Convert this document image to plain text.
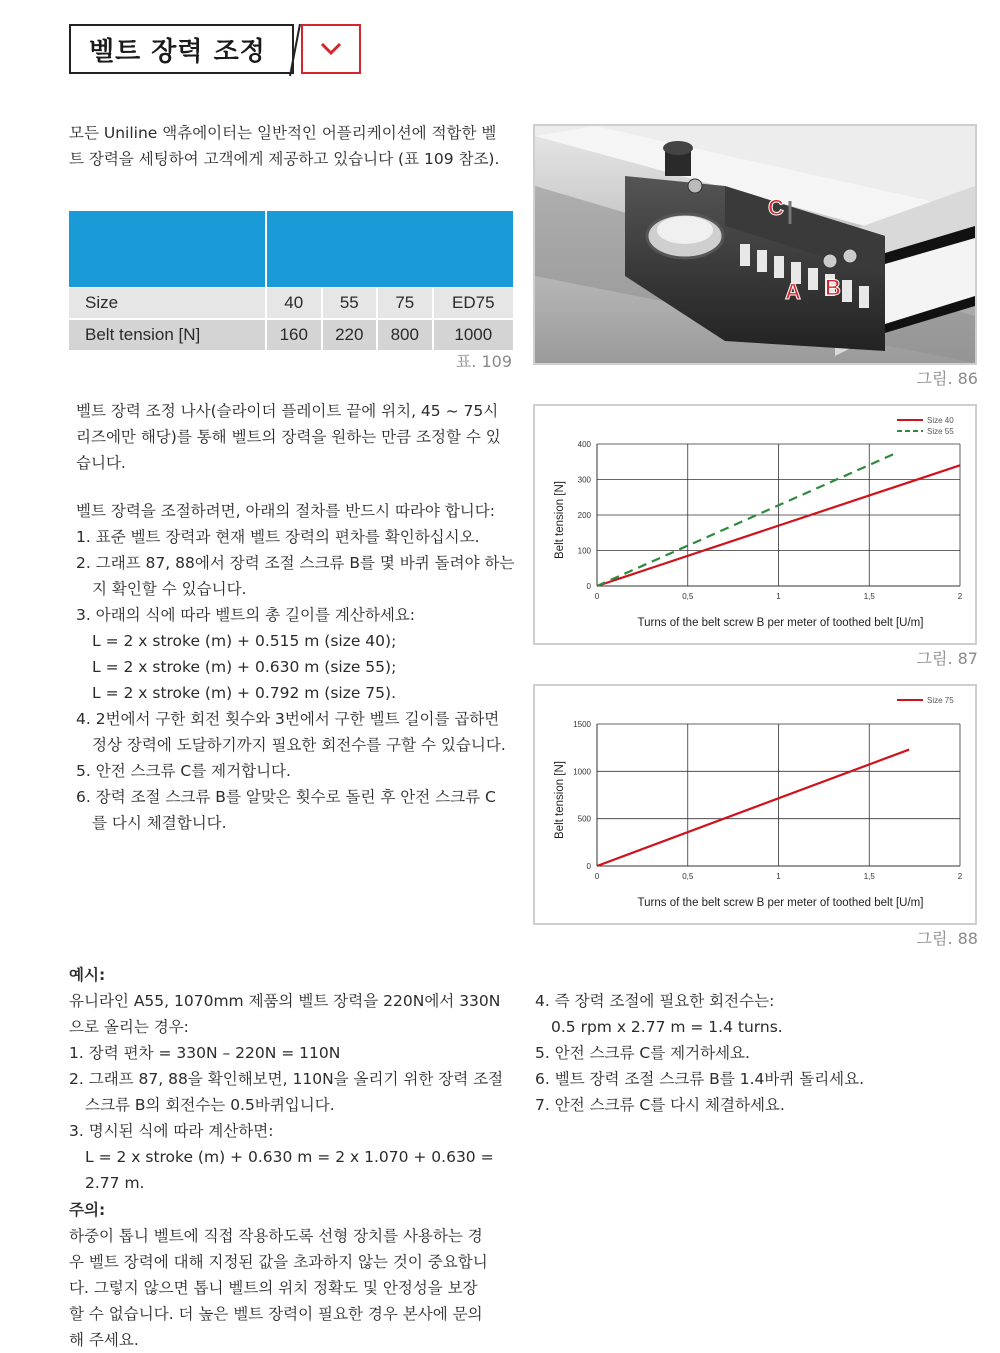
벨트 장력 조정

모든 Uniline 액츄에이터는 일반적인 어플리케이션에 적합한 벨

트 장력을 세팅하여 고객에게 제공하고 있습니다 (표 109 참조).

Size	40	55	75	ED75
Belt tension [N]	160	220	800	1000
표. 109
C
A B
그림. 86

벨트 장력 조정 나사(슬라이더 플레이트 끝에 위치, 45 ~ 75시

리즈에만 해당)를 통해 벨트의 장력을 원하는 만큼 조정할 수 있

습니다.

벨트 장력을 조절하려면, 아래의 절차를 반드시 따라야 합니다:

1. 표준 벨트 장력과 현재 벨트 장력의 편차를 확인하십시오.

2. 그래프 87, 88에서 장력 조절 스크류 B를 몇 바퀴 돌려야 하는

지 확인할 수 있습니다.

3. 아래의 식에 따라 벨트의 총 길이를 계산하세요:

L = 2 x stroke (m) + 0.515 m (size 40);

L = 2 x stroke (m) + 0.630 m (size 55);

L = 2 x stroke (m) + 0.792 m (size 75).

4. 2번에서 구한 회전 횟수와 3번에서 구한 벨트 길이를 곱하면

정상 장력에 도달하기까지 필요한 회전수를 구할 수 있습니다.

5. 안전 스크류 C를 제거합니다.

6. 장력 조절 스크류 B를 알맞은 횟수로 돌린 후 안전 스크류 C

를 다시 체결합니다.

0	0,5	1	1,5	2
0
100
200
300
400
Size 40
Size 55
Turns of the belt screw B per meter of toothed belt [U/m]
Belt tension [N]
그림. 87
0	0,5	1	1,5	2
0
500
1000
1500
Size 75
Turns of the belt screw B per meter of toothed belt [U/m]
Belt tension [N]
그림. 88

예시:

유니라인 A55, 1070mm 제품의 벨트 장력을 220N에서 330N

으로 올리는 경우:

1. 장력 편차 = 330N – 220N = 110N

2. 그래프 87, 88을 확인해보면, 110N을 올리기 위한 장력 조절

스크류 B의 회전수는 0.5바퀴입니다.

3. 명시된 식에 따라 계산하면:

L = 2 x stroke (m) + 0.630 m = 2 x 1.070 + 0.630 = 2.77 m.

4. 즉 장력 조절에 필요한 회전수는:

0.5 rpm x 2.77 m = 1.4 turns.

5. 안전 스크류 C를 제거하세요.

6. 벨트 장력 조절 스크류 B를 1.4바퀴 돌리세요.

7. 안전 스크류 C를 다시 체결하세요.

주의:

하중이 톱니 벨트에 직접 작용하도록 선형 장치를 사용하는 경

우 벨트 장력에 대해 지정된 값을 초과하지 않는 것이 중요합니

다. 그렇지 않으면 톱니 벨트의 위치 정확도 및 안정성을 보장

할 수 없습니다. 더 높은 벨트 장력이 필요한 경우 본사에 문의

해 주세요.
